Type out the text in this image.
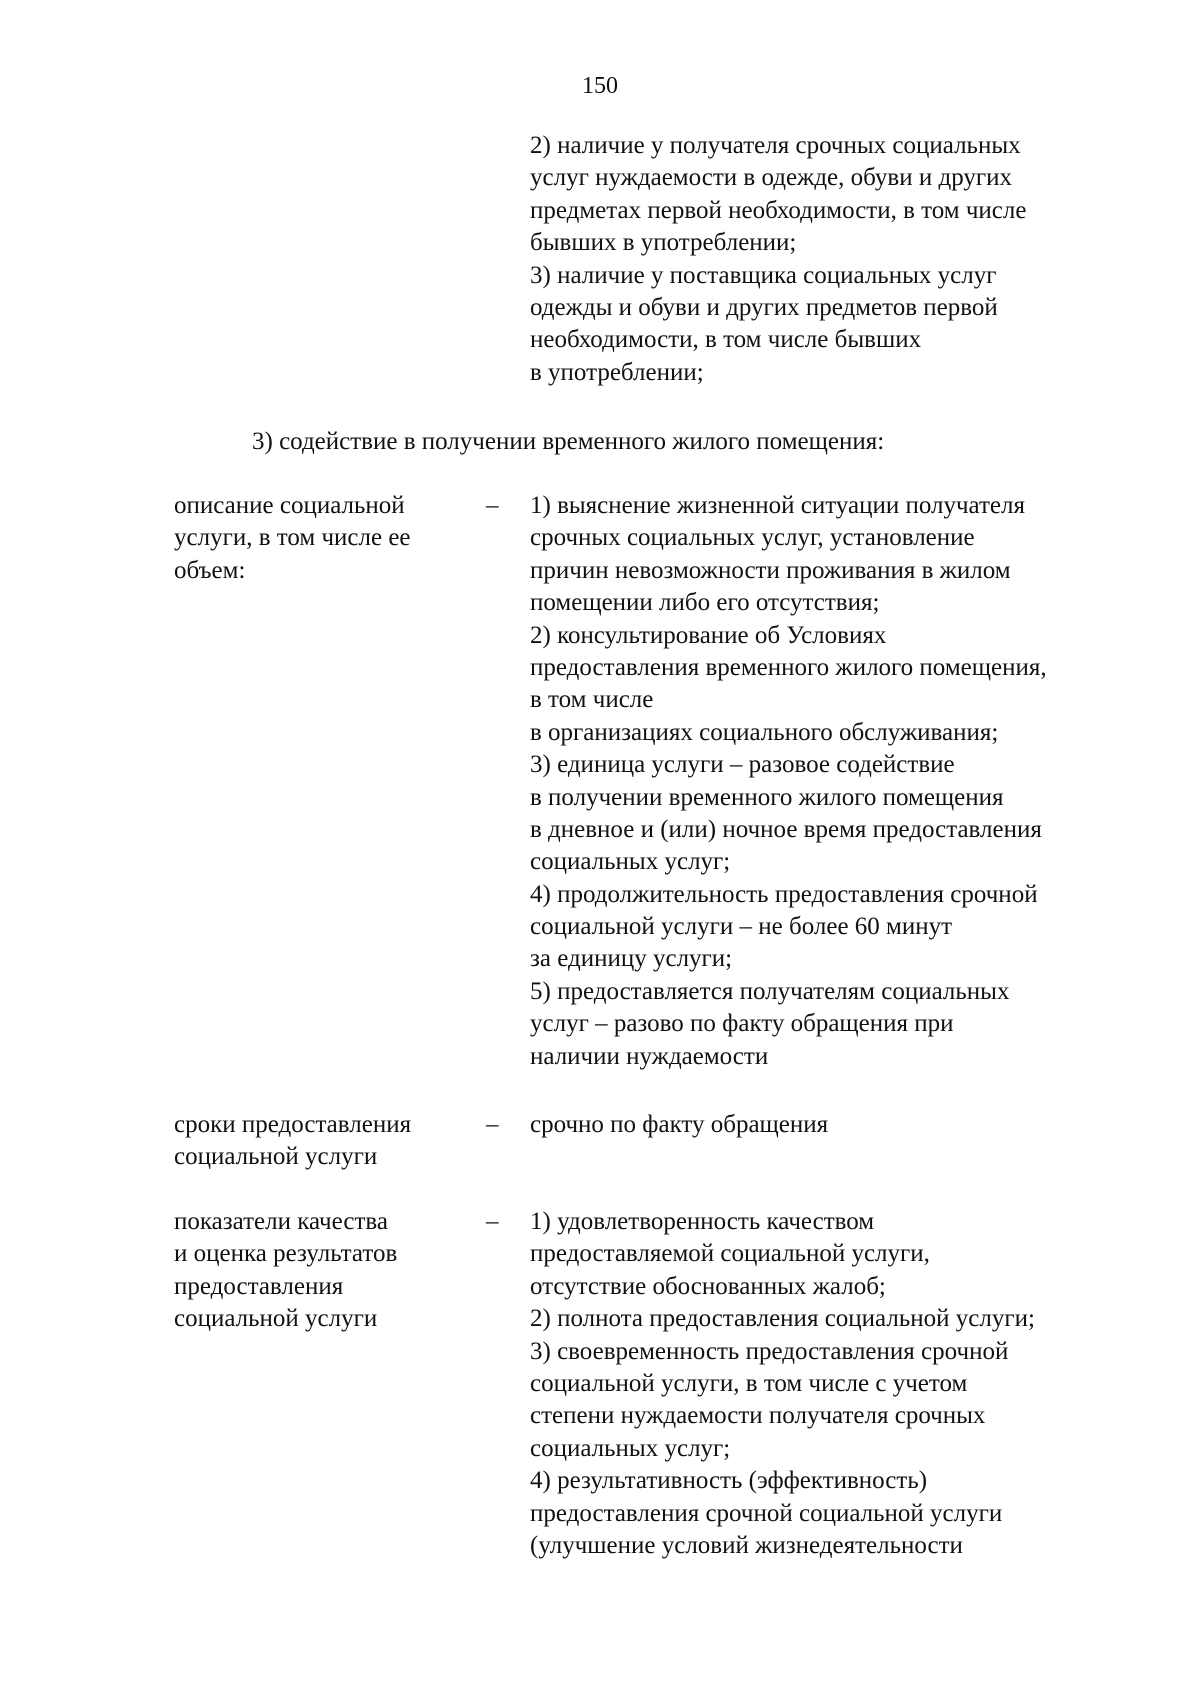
150
2) наличие у получателя срочных социальных
услуг нуждаемости в одежде, обуви и других
предметах первой необходимости, в том числе
бывших в употреблении;
3) наличие у поставщика социальных услуг
одежды и обуви и других предметов первой
необходимости, в том числе бывших
в употреблении;
3) содействие в получении временного жилого помещения:
описание социальной
услуги, в том числе ее
объем:
– 1) выяснение жизненной ситуации получателя
срочных социальных услуг, установление
причин невозможности проживания в жилом
помещении либо его отсутствия;
2) консультирование об Условиях
предоставления временного жилого помещения,
в том числе
в организациях социального обслуживания;
3) единица услуги – разовое содействие
в получении временного жилого помещения
в дневное и (или) ночное время предоставления
социальных услуг;
4) продолжительность предоставления срочной
социальной услуги – не более 60 минут
за единицу услуги;
5) предоставляется получателям социальных
услуг – разово по факту обращения при
наличии нуждаемости
сроки предоставления
социальной услуги
– срочно по факту обращения
показатели качества
и оценка результатов
предоставления
социальной услуги
– 1) удовлетворенность качеством
предоставляемой социальной услуги,
отсутствие обоснованных жалоб;
2) полнота предоставления социальной услуги;
3) своевременность предоставления срочной
социальной услуги, в том числе с учетом
степени нуждаемости получателя срочных
социальных услуг;
4) результативность (эффективность)
предоставления срочной социальной услуги
(улучшение условий жизнедеятельности
